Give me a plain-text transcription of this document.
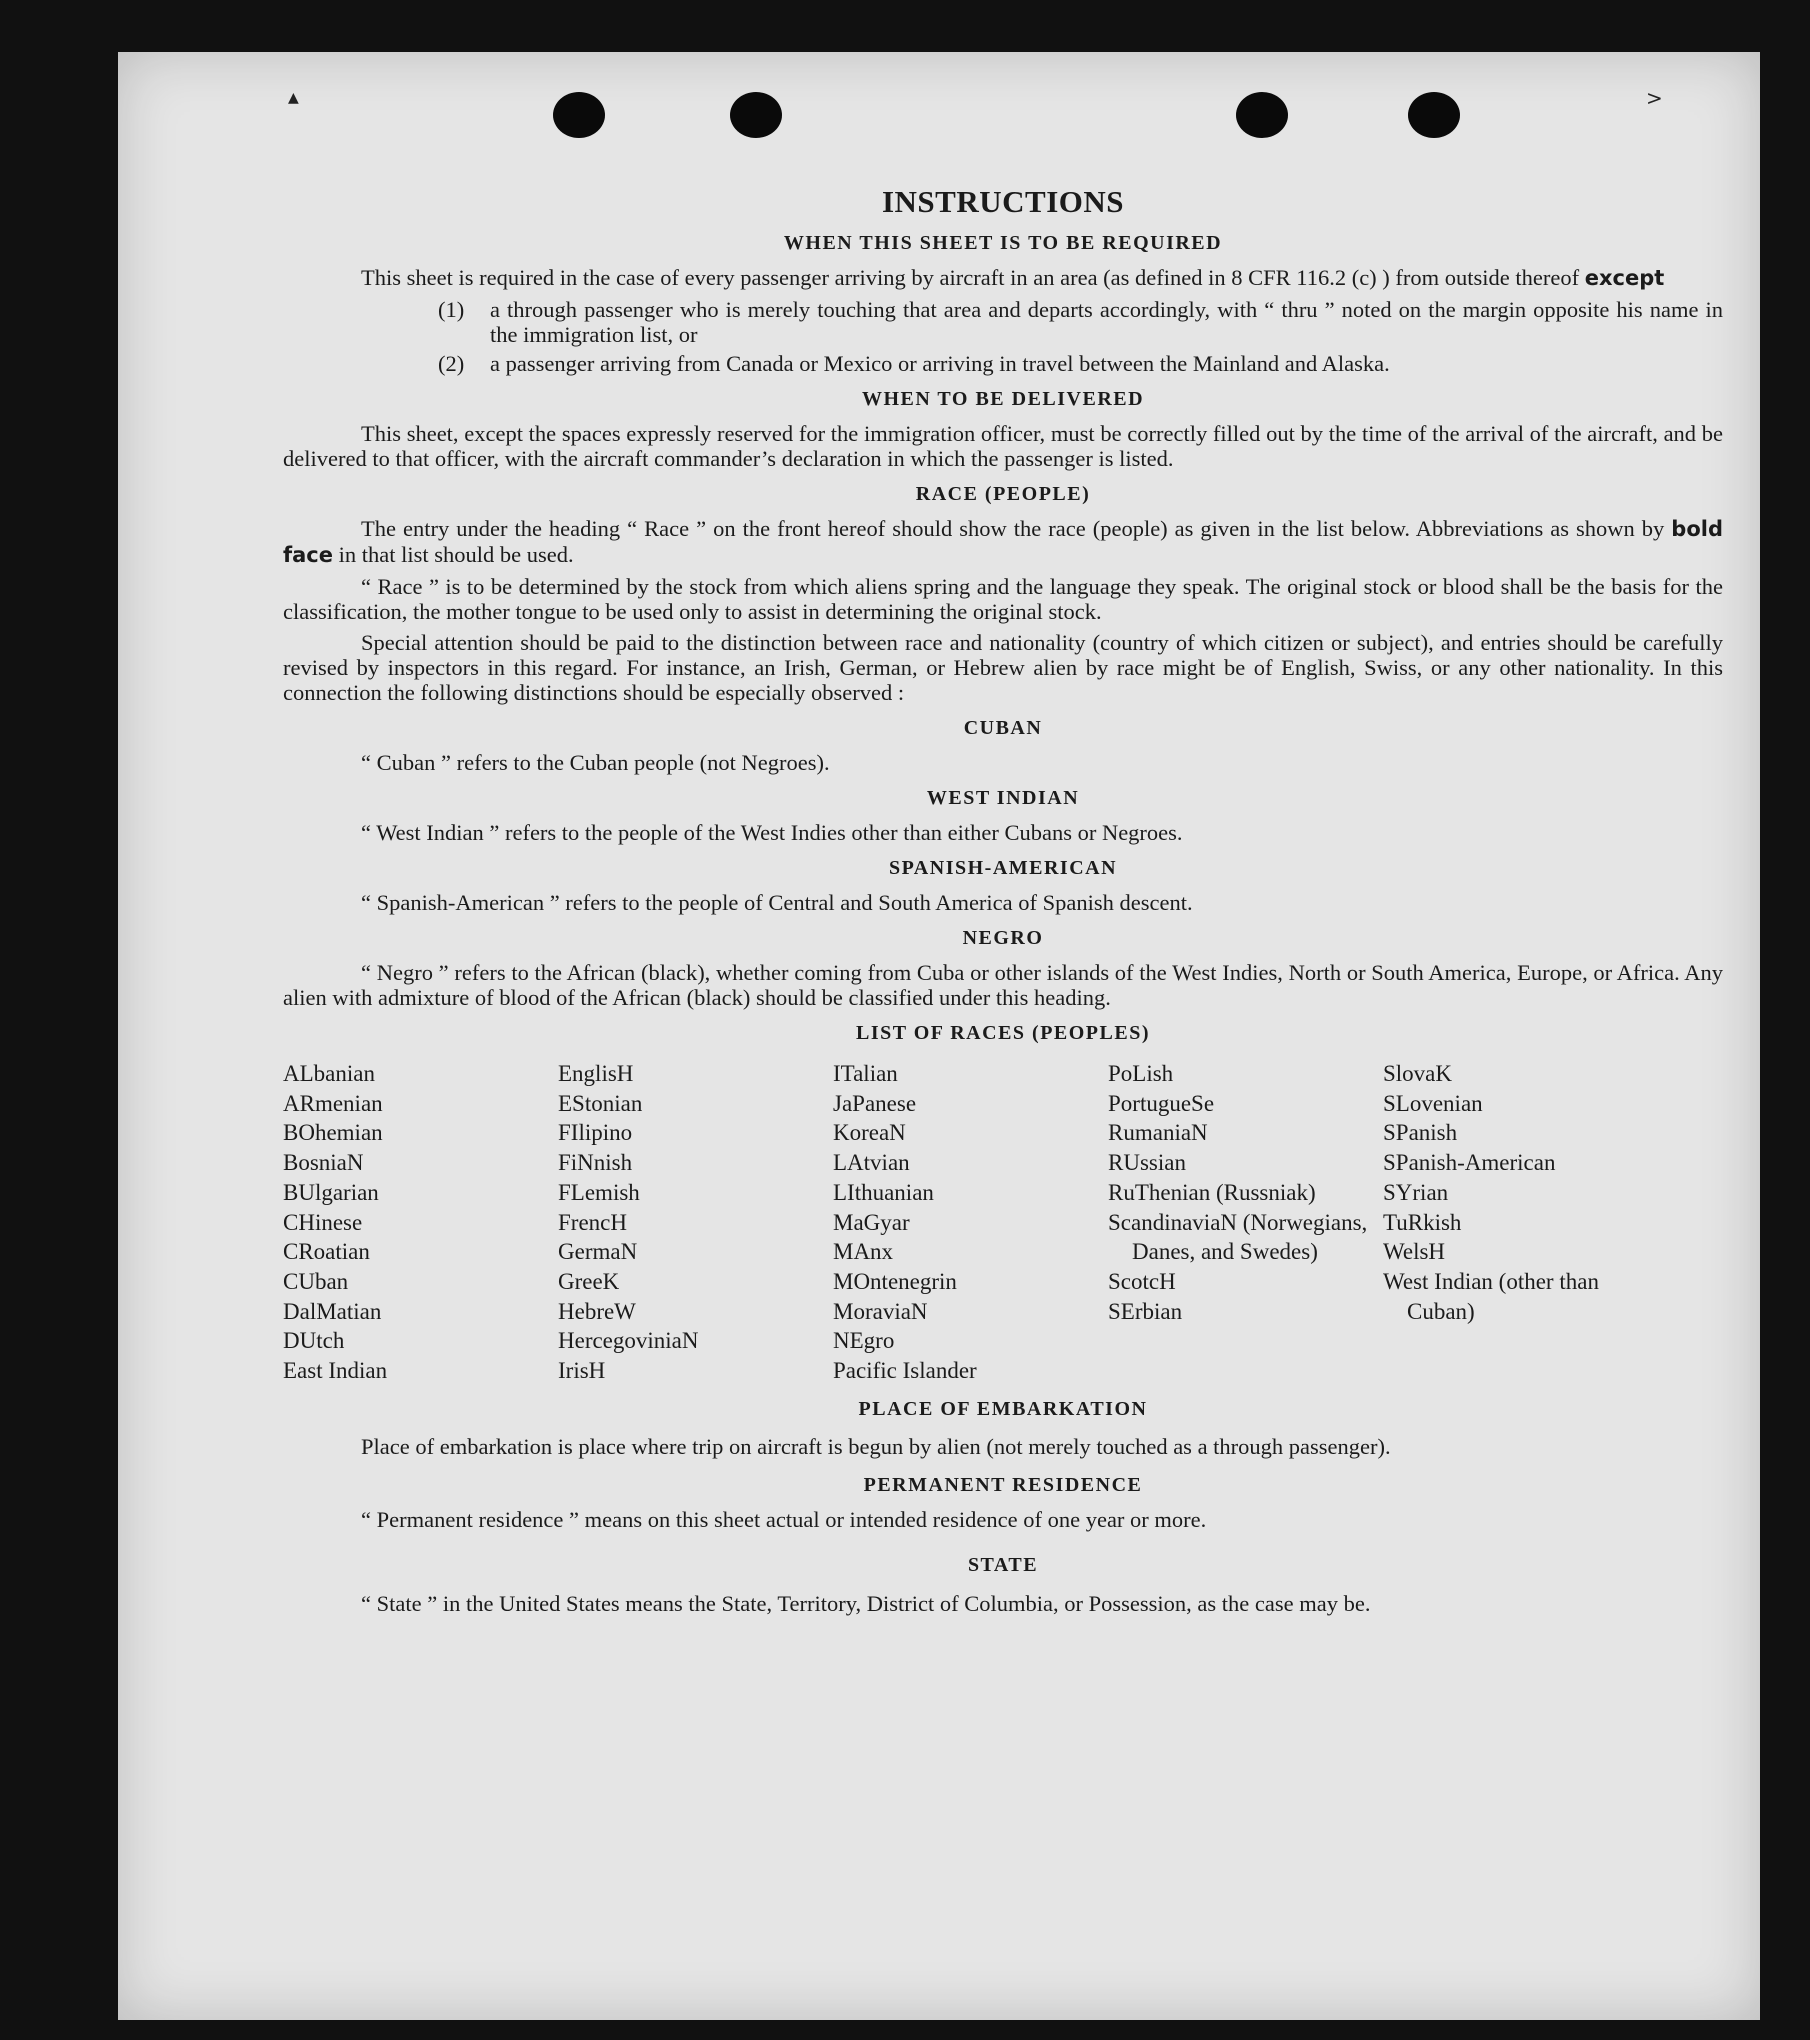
▲	>
INSTRUCTIONS
WHEN THIS SHEET IS TO BE REQUIRED

This sheet is required in the case of every passenger arriving by aircraft in an area (as defined in 8 CFR 116.2 (c) ) from outside thereof except

(1)	a through passenger who is merely touching that area and departs accordingly, with “ thru ” noted on the margin opposite his name in the immigration list, or
(2)	a passenger arriving from Canada or Mexico or arriving in travel between the Mainland and Alaska.
WHEN TO BE DELIVERED

This sheet, except the spaces expressly reserved for the immigration officer, must be correctly filled out by the time of the arrival of the aircraft, and be delivered to that officer, with the aircraft commander’s declaration in which the passenger is listed.

RACE (PEOPLE)

The entry under the heading “ Race ” on the front hereof should show the race (people) as given in the list below. Abbreviations as shown by bold face in that list should be used.

“ Race ” is to be determined by the stock from which aliens spring and the language they speak. The original stock or blood shall be the basis for the classification, the mother tongue to be used only to assist in determining the original stock.

Special attention should be paid to the distinction between race and nationality (country of which citizen or subject), and entries should be carefully revised by inspectors in this regard. For instance, an Irish, German, or Hebrew alien by race might be of English, Swiss, or any other nationality. In this connection the following distinctions should be especially observed :

CUBAN

“ Cuban ” refers to the Cuban people (not Negroes).

WEST INDIAN

“ West Indian ” refers to the people of the West Indies other than either Cubans or Negroes.

SPANISH-AMERICAN

“ Spanish-American ” refers to the people of Central and South America of Spanish descent.

NEGRO

“ Negro ” refers to the African (black), whether coming from Cuba or other islands of the West Indies, North or South America, Europe, or Africa. Any alien with admixture of blood of the African (black) should be classified under this heading.

LIST OF RACES (PEOPLES)
ALbanian
ARmenian
BOhemian
BosniaN
BUlgarian
CHinese
CRoatian
CUban
DalMatian
DUtch
East Indian
EnglisH
EStonian
FIlipino
FiNnish
FLemish
FrencH
GermaN
GreeK
HebreW
HercegoviniaN
IrisH
ITalian
JaPanese
KoreaN
LAtvian
LIthuanian
MaGyar
MAnx
MOntenegrin
MoraviaN
NEgro
Pacific Islander
PoLish
PortugueSe
RumaniaN
RUssian
RuThenian (Russniak)
ScandinaviaN (Norwegians, Danes, and Swedes)
ScotcH
SErbian
SlovaK
SLovenian
SPanish
SPanish-American
SYrian
TuRkish
WelsH
West Indian (other than Cuban)
PLACE OF EMBARKATION

Place of embarkation is place where trip on aircraft is begun by alien (not merely touched as a through passenger).

PERMANENT RESIDENCE

“ Permanent residence ” means on this sheet actual or intended residence of one year or more.

STATE

“ State ” in the United States means the State, Territory, District of Columbia, or Possession, as the case may be.
